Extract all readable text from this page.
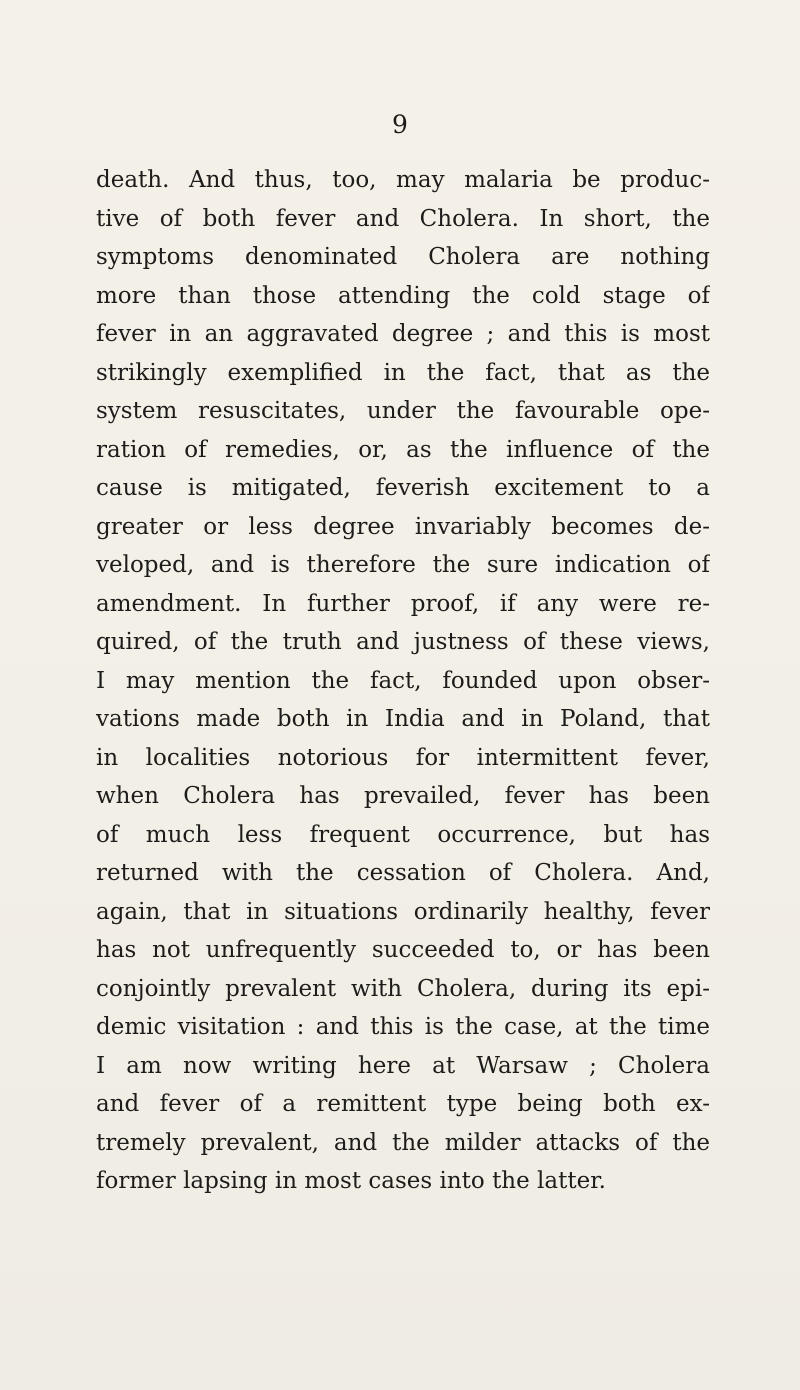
9
death. And thus, too, may malaria be produc-
tive of both fever and Cholera. In short, the
symptoms denominated Cholera are nothing
more than those attending the cold stage of
fever in an aggravated degree ; and this is most
strikingly exemplified in the fact, that as the
system resuscitates, under the favourable ope-
ration of remedies, or, as the influence of the
cause is mitigated, feverish excitement to a
greater or less degree invariably becomes de-
veloped, and is therefore the sure indication of
amendment. In further proof, if any were re-
quired, of the truth and justness of these views,
I may mention the fact, founded upon obser-
vations made both in India and in Poland, that
in localities notorious for intermittent fever,
when Cholera has prevailed, fever has been
of much less frequent occurrence, but has
returned with the cessation of Cholera. And,
again, that in situations ordinarily healthy, fever
has not unfrequently succeeded to, or has been
conjointly prevalent with Cholera, during its epi-
demic visitation : and this is the case, at the time
I am now writing here at Warsaw ; Cholera
and fever of a remittent type being both ex-
tremely prevalent, and the milder attacks of the
former lapsing in most cases into the latter.
